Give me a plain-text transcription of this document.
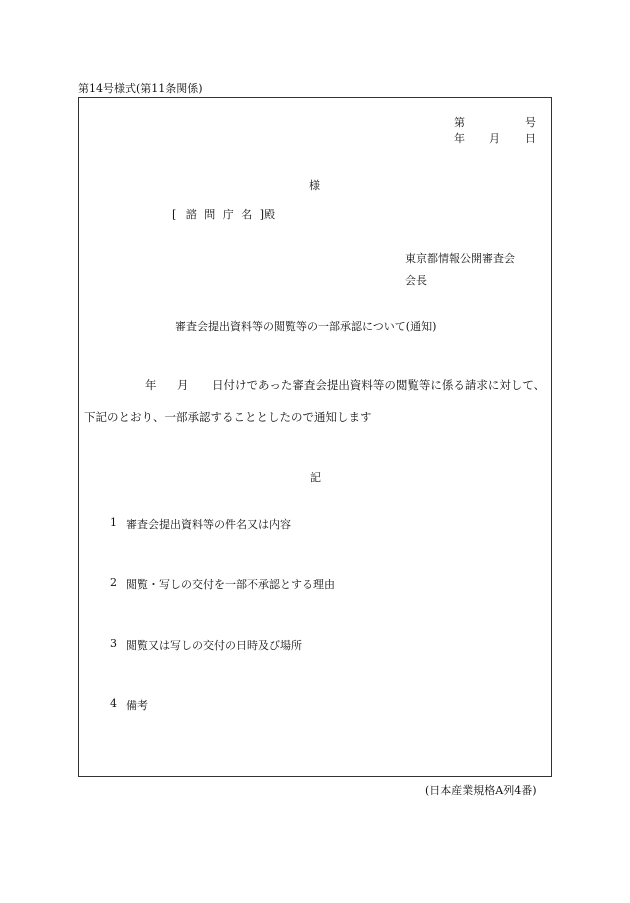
第14号様式(第11条関係)
第	号
年 月 日
様
[ 諮 問 庁 名 ]殿
東京都情報公開審査会
会長
審査会提出資料等の閲覧等の一部承認について(通知)
年 月 日付けであった審査会提出資料等の閲覧等に係る請求に対して、
下記のとおり、一部承認することとしたので通知します
記
1 審査会提出資料等の件名又は内容
2 閲覧・写しの交付を一部不承認とする理由
3 閲覧又は写しの交付の日時及び場所
4 備考
(日本産業規格A列4番)
